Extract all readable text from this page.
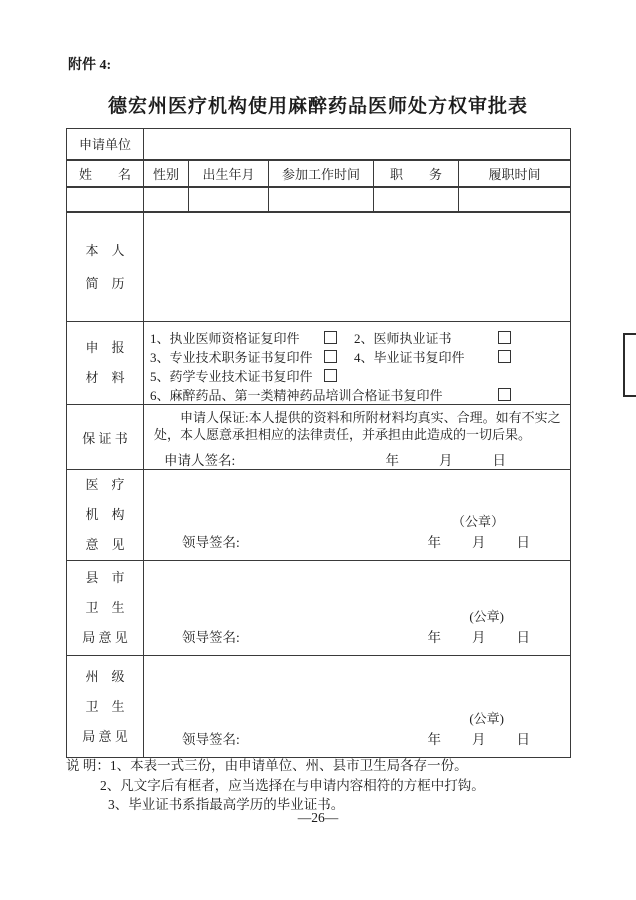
附件 4:
德宏州医疗机构使用麻醉药品医师处方权审批表
申请单位					
姓　　名	性别	出生年月	参加工作时间	职　　务	履职时间

本　人
简　历					

申　报
材　料

1、执业医师资格证复印件	2、医师执业证书
3、专业技术职务证书复印件	4、毕业证书复印件
5、药学专业技术证书复印件
6、麻醉药品、第一类精神药品培训合格证书复印件

保 证 书	申请人保证:本人提供的资料和所附材料均真实、合理。如有不实之处，本人愿意承担相应的法律责任，并承担由此造成的一切后果。
申请人签名: 年 月 日				

医　疗
机　构
意　见

（公章）
领导签名:	年 月 日

县　市
卫　生
局 意 见

(公章)
领导签名:	年 月 日

州　级
卫　生
局 意 见

(公章)
领导签名:	年 月 日
说 明：1、本表一式三份，由申请单位、州、县市卫生局各存一份。
2、凡文字后有框者，应当选择在与申请内容相符的方框中打钩。
3、毕业证书系指最高学历的毕业证书。
—26—
